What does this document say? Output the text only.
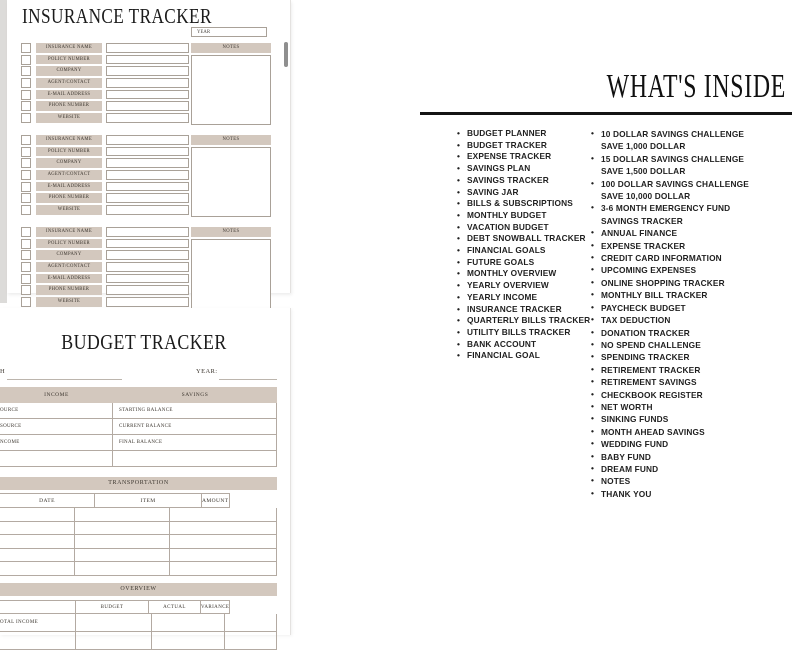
INSURANCE TRACKER
YEAR
INSURANCE NAME
POLICY NUMBER
COMPANY
AGENT/CONTACT
E-MAIL ADDRESS
PHONE NUMBER
WEBSITE
NOTES
INSURANCE NAME
POLICY NUMBER
COMPANY
AGENT/CONTACT
E-MAIL ADDRESS
PHONE NUMBER
WEBSITE
NOTES
INSURANCE NAME
POLICY NUMBER
COMPANY
AGENT/CONTACT
E-MAIL ADDRESS
PHONE NUMBER
WEBSITE
NOTES
BUDGET TRACKER
H	YEAR:
INCOME	SAVINGS
OURCE	STARTING BALANCE
SOURCE	CURRENT BALANCE
NCOME	FINAL BALANCE
TRANSPORTATION
DATE	ITEM	AMOUNT
OVERVIEW
BUDGET	ACTUAL	VARIANCE
OTAL INCOME
WHAT'S INSIDE
• BUDGET PLANNER
• BUDGET TRACKER
• EXPENSE TRACKER
• SAVINGS PLAN
• SAVINGS TRACKER
• SAVING JAR
• BILLS & SUBSCRIPTIONS
• MONTHLY BUDGET
• VACATION BUDGET
• DEBT SNOWBALL TRACKER
• FINANCIAL GOALS
• FUTURE GOALS
• MONTHLY OVERVIEW
• YEARLY OVERVIEW
• YEARLY INCOME
• INSURANCE TRACKER
• QUARTERLY BILLS TRACKER
• UTILITY BILLS TRACKER
• BANK ACCOUNT
• FINANCIAL GOAL
• 10 DOLLAR SAVINGS CHALLENGE
SAVE 1,000 DOLLAR
• 15 DOLLAR SAVINGS CHALLENGE
SAVE 1,500 DOLLAR
• 100 DOLLAR SAVINGS CHALLENGE
SAVE 10,000 DOLLAR
• 3-6 MONTH EMERGENCY FUND
SAVINGS TRACKER
• ANNUAL FINANCE
• EXPENSE TRACKER
• CREDIT CARD INFORMATION
• UPCOMING EXPENSES
• ONLINE SHOPPING TRACKER
• MONTHLY BILL TRACKER
• PAYCHECK BUDGET
• TAX DEDUCTION
• DONATION TRACKER
• NO SPEND CHALLENGE
• SPENDING TRACKER
• RETIREMENT TRACKER
• RETIREMENT SAVINGS
• CHECKBOOK REGISTER
• NET WORTH
• SINKING FUNDS
• MONTH AHEAD SAVINGS
• WEDDING FUND
• BABY FUND
• DREAM FUND
• NOTES
• THANK YOU
